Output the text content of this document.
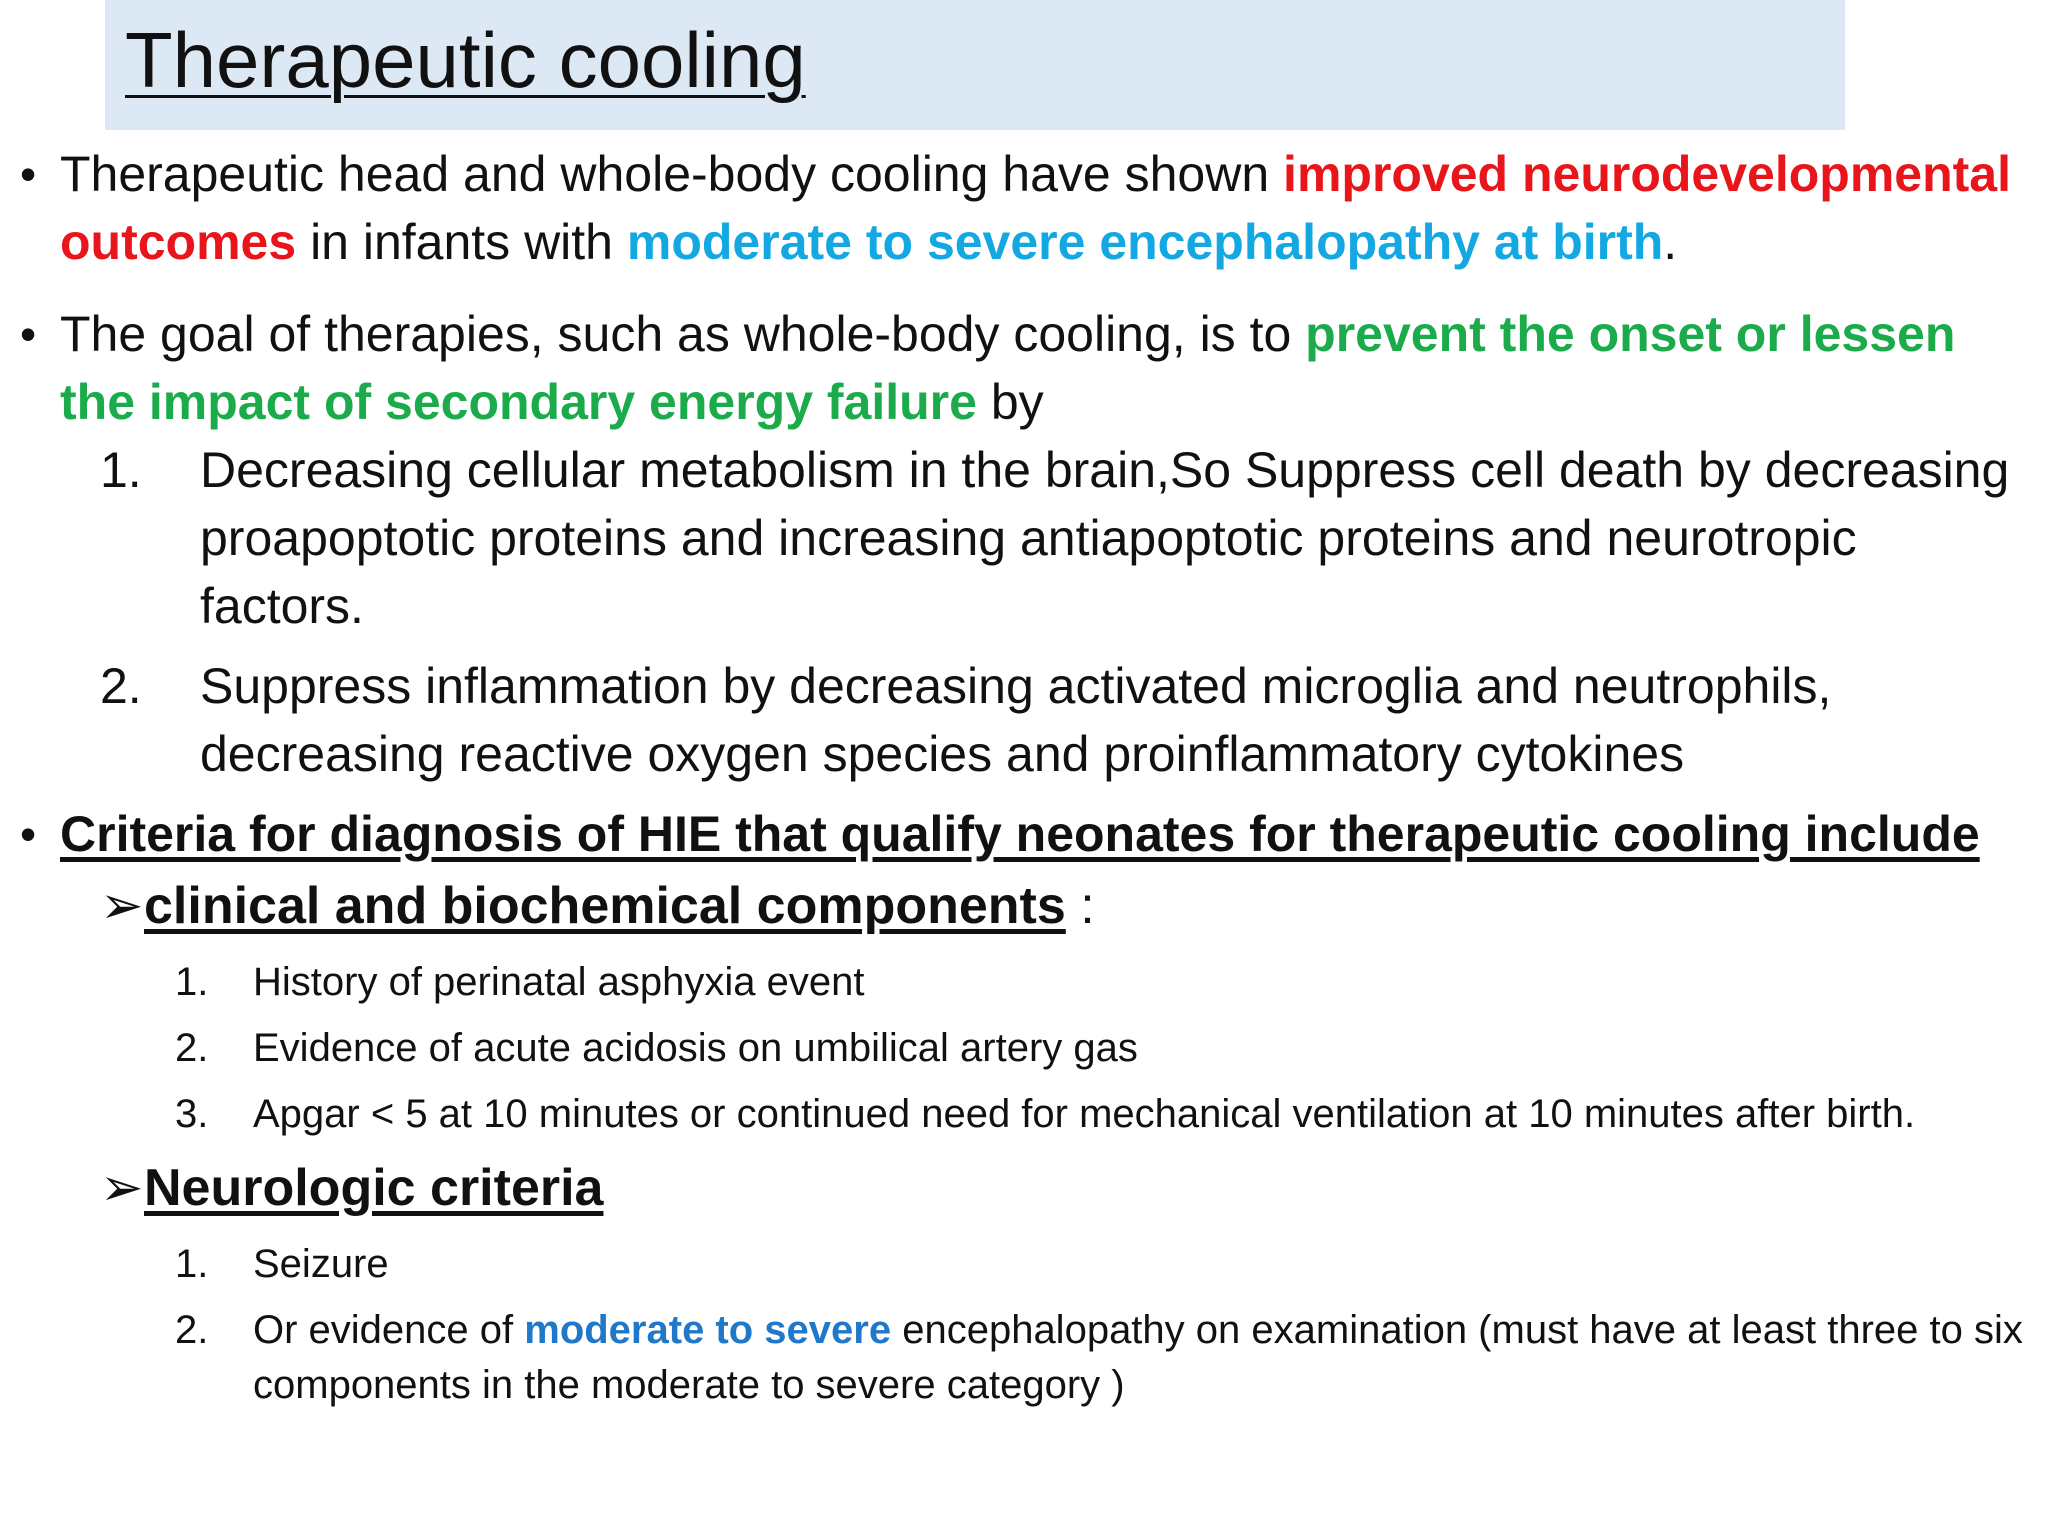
Therapeutic cooling
• Therapeutic head and whole-body cooling have shown improved neurodevelopmental outcomes in infants with moderate to severe encephalopathy at birth.
• The goal of therapies, such as whole-body cooling, is to prevent the onset or lessen the impact of secondary energy failure by
1. Decreasing cellular metabolism in the brain,So Suppress cell death by decreasing proapoptotic proteins and increasing antiapoptotic proteins and neurotropic factors.
2. Suppress inflammation by decreasing activated microglia and neutrophils, decreasing reactive oxygen species and proinflammatory cytokines
• Criteria for diagnosis of HIE that qualify neonates for therapeutic cooling include
➢ clinical and biochemical components :
1. History of perinatal asphyxia event
2. Evidence of acute acidosis on umbilical artery gas
3. Apgar < 5 at 10 minutes or continued need for mechanical ventilation at 10 minutes after birth.
➢ Neurologic criteria
1. Seizure
2. Or evidence of moderate to severe encephalopathy on examination (must have at least three to six components in the moderate to severe category )
